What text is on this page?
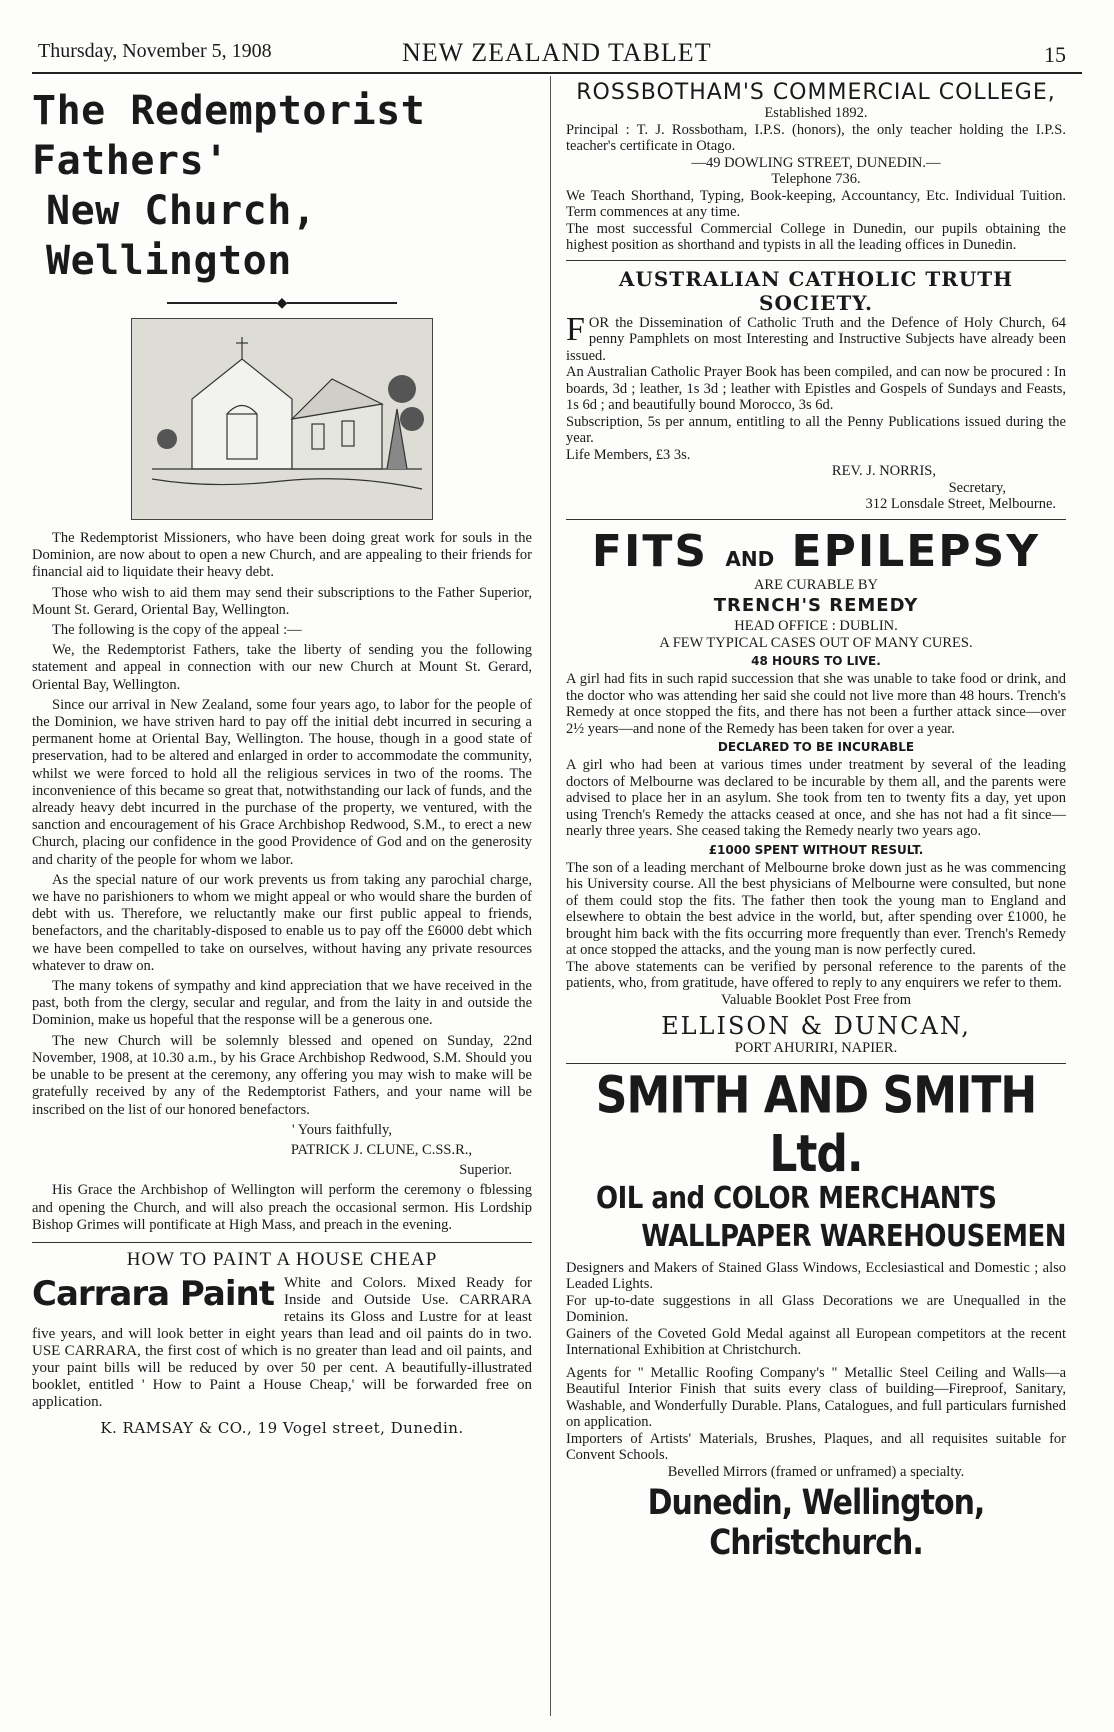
Thursday, November 5, 1908	NEW ZEALAND TABLET	15
The Redemptorist Fathers'
New Church, Wellington
◆

The Redemptorist Missioners, who have been doing great work for souls in the Dominion, are now about to open a new Church, and are appealing to their friends for financial aid to liquidate their heavy debt.

Those who wish to aid them may send their subscriptions to the Father Superior, Mount St. Gerard, Oriental Bay, Wellington.

The following is the copy of the appeal :—

We, the Redemptorist Fathers, take the liberty of sending you the following statement and appeal in connection with our new Church at Mount St. Gerard, Oriental Bay, Wellington.

Since our arrival in New Zealand, some four years ago, to labor for the people of the Dominion, we have striven hard to pay off the initial debt incurred in securing a permanent home at Oriental Bay, Wellington. The house, though in a good state of preservation, had to be altered and enlarged in order to accommodate the community, whilst we were forced to hold all the religious services in two of the rooms. The inconvenience of this became so great that, notwithstanding our lack of funds, and the already heavy debt incurred in the purchase of the property, we ventured, with the sanction and encouragement of his Grace Archbishop Redwood, S.M., to erect a new Church, placing our confidence in the good Providence of God and on the generosity and charity of the people for whom we labor.

As the special nature of our work prevents us from taking any parochial charge, we have no parishioners to whom we might appeal or who would share the burden of debt with us. Therefore, we reluctantly make our first public appeal to friends, benefactors, and the charitably-disposed to enable us to pay off the £6000 debt which we have been compelled to take on ourselves, without having any private resources whatever to draw on.

The many tokens of sympathy and kind appreciation that we have received in the past, both from the clergy, secular and regular, and from the laity in and outside the Dominion, make us hopeful that the response will be a generous one.

The new Church will be solemnly blessed and opened on Sunday, 22nd November, 1908, at 10.30 a.m., by his Grace Archbishop Redwood, S.M. Should you be unable to be present at the ceremony, any offering you may wish to make will be gratefully received by any of the Redemptorist Fathers, and your name will be inscribed on the list of our honored benefactors.

' Yours faithfully,

PATRICK J. CLUNE, C.SS.R.,

Superior.

His Grace the Archbishop of Wellington will perform the ceremony o fblessing and opening the Church, and will also preach the occasional sermon. His Lordship Bishop Grimes will pontificate at High Mass, and preach in the evening.

HOW TO PAINT A HOUSE CHEAP
Carrara Paint White and Colors. Mixed Ready for Inside and Outside Use. CARRARA retains its Gloss and Lustre for at least five years, and will look better in eight years than lead and oil paints do in two. USE CARRARA, the first cost of which is no greater than lead and oil paints, and your paint bills will be reduced by over 50 per cent. A beautifully-illustrated booklet, entitled ' How to Paint a House Cheap,' will be forwarded free on application.
K. RAMSAY & CO., 19 Vogel street, Dunedin.
ROSSBOTHAM'S COMMERCIAL COLLEGE,

Established 1892.

Principal : T. J. Rossbotham, I.P.S. (honors), the only teacher holding the I.P.S. teacher's certificate in Otago.

—49 DOWLING STREET, DUNEDIN.—

Telephone 736.

We Teach Shorthand, Typing, Book-keeping, Accountancy, Etc. Individual Tuition. Term commences at any time.

The most successful Commercial College in Dunedin, our pupils obtaining the highest position as shorthand and typists in all the leading offices in Dunedin.

AUSTRALIAN CATHOLIC TRUTH SOCIETY.

FOR the Dissemination of Catholic Truth and the Defence of Holy Church, 64 penny Pamphlets on most Interesting and Instructive Subjects have already been issued.

An Australian Catholic Prayer Book has been compiled, and can now be procured : In boards, 3d ; leather, 1s 3d ; leather with Epistles and Gospels of Sundays and Feasts, 1s 6d ; and beautifully bound Morocco, 3s 6d.

Subscription, 5s per annum, entitling to all the Penny Publications issued during the year.

Life Members, £3 3s.

REV. J. NORRIS,

Secretary,

312 Lonsdale Street, Melbourne.

FITS AND EPILEPSY

ARE CURABLE BY

TRENCH'S REMEDY

HEAD OFFICE : DUBLIN.

A FEW TYPICAL CASES OUT OF MANY CURES.

48 HOURS TO LIVE.

A girl had fits in such rapid succession that she was unable to take food or drink, and the doctor who was attending her said she could not live more than 48 hours. Trench's Remedy at once stopped the fits, and there has not been a further attack since—over 2½ years—and none of the Remedy has been taken for over a year.

DECLARED TO BE INCURABLE

A girl who had been at various times under treatment by several of the leading doctors of Melbourne was declared to be incurable by them all, and the parents were advised to place her in an asylum. She took from ten to twenty fits a day, yet upon using Trench's Remedy the attacks ceased at once, and she has not had a fit since—nearly three years. She ceased taking the Remedy nearly two years ago.

£1000 SPENT WITHOUT RESULT.

The son of a leading merchant of Melbourne broke down just as he was commencing his University course. All the best physicians of Melbourne were consulted, but none of them could stop the fits. The father then took the young man to England and elsewhere to obtain the best advice in the world, but, after spending over £1000, he brought him back with the fits occurring more frequently than ever. Trench's Remedy at once stopped the attacks, and the young man is now perfectly cured.

The above statements can be verified by personal reference to the parents of the patients, who, from gratitude, have offered to reply to any enquirers we refer to them.

Valuable Booklet Post Free from

ELLISON & DUNCAN,

PORT AHURIRI, NAPIER.

SMITH AND SMITH Ltd.

OIL and COLOR MERCHANTS

WALLPAPER WAREHOUSEMEN

Designers and Makers of Stained Glass Windows, Ecclesiastical and Domestic ; also Leaded Lights.

For up-to-date suggestions in all Glass Decorations we are Unequalled in the Dominion.

Gainers of the Coveted Gold Medal against all European competitors at the recent International Exhibition at Christchurch.

Agents for " Metallic Roofing Company's " Metallic Steel Ceiling and Walls—a Beautiful Interior Finish that suits every class of building—Fireproof, Sanitary, Washable, and Wonderfully Durable. Plans, Catalogues, and full particulars furnished on application.

Importers of Artists' Materials, Brushes, Plaques, and all requisites suitable for Convent Schools.

Bevelled Mirrors (framed or unframed) a specialty.

Dunedin, Wellington, Christchurch.
